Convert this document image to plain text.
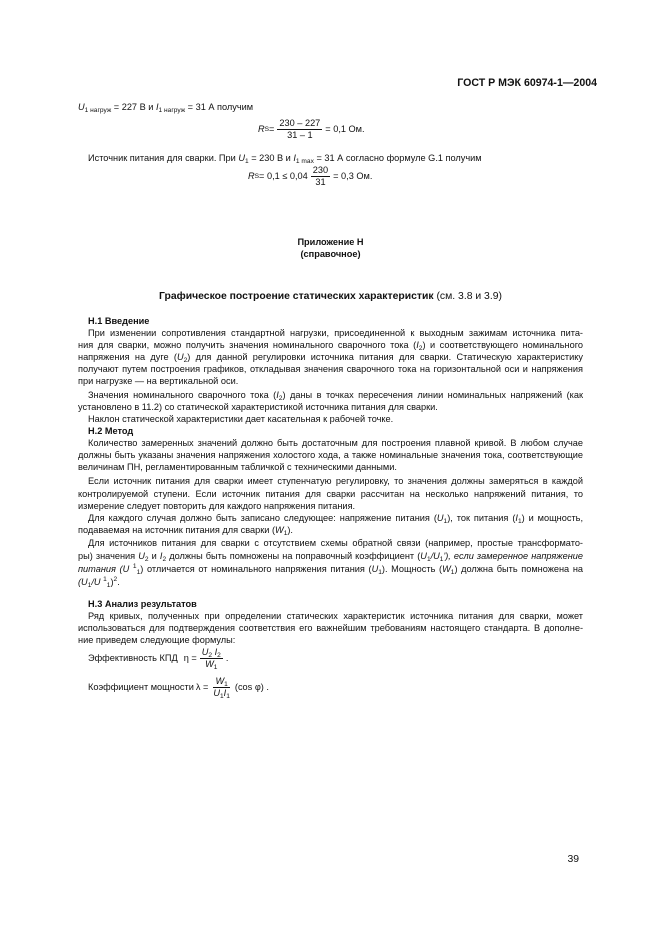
ГОСТ Р МЭК 60974-1—2004
$U_{1 нагруж} = 227$ В и $I_{1 нагруж} = 31$ А получим
R $S = \frac{230 - 227}{31 - 1} = 0,1$ Ом.
Источник питания для сварки. При $U_1 = 230$ В и $I_{1 max} = 31$ А согласно формуле G.1 получим
R $S = 0,1 \le 0,04 \frac{230}{31} = 0,3$ Ом.
Приложение Н
(справочное)
Графическое построение статических характеристик (см. 3.8 и 3.9)
Н.1 Введение
При изменении сопротивления стандартной нагрузки, присоединенной к выходным зажимам источника пита-
ния для сварки, можно получить значения номинального сварочного тока $(I_2)$ и соответствующего номинального
напряжения на дуге $(U_2)$ для данной регулировки источника питания для сварки. Статическую характеристику
получают путем построения графиков, откладывая значения сварочного тока на горизонтальной оси и напряжения
при нагрузке — на вертикальной оси.
Значения номинального сварочного тока $(I_2)$ даны в точках пересечения линии номинальных напряжений (как
установлено в 11.2) со статической характеристикой источника питания для сварки.
Наклон статической характеристики дает касательная к рабочей точке.
Н.2 Метод
Количество замеренных значений должно быть достаточным для построения плавной кривой. В любом случае
должны быть указаны значения напряжения холостого хода, а также номинальные значения тока, соответствующие
величинам ПН, регламентированным табличкой с техническими данными.
Если источник питания для сварки имеет ступенчатую регулировку, то значения должны замеряться в каждой
контролируемой ступени. Если источник питания для сварки рассчитан на несколько напряжений питания, то
измерение следует повторить для каждого напряжения питания.
Для каждого случая должно быть записано следующее: напряжение питания $(U_1)$, ток питания $(I_1)$ и мощность,
подаваемая на источник питания для сварки $(W_1)$.
Для источников питания для сварки с отсутствием схемы обратной связи (например, простые трансформато-
ры) значения $U_2$ и $I_2$ должны быть помножены на поправочный коэффициент $(U_1/U_1')$, если замеренное напряжение
питания (U $^1_1$) отличается от номинального напряжения питания $(U_1)$. Мощность $(W_1)$ должна быть помножена на
($U_1/U$ $^1_1$)$^2$.
Н.3 Анализ результатов
Ряд кривых, полученных при определении статических характеристик источника питания для сварки, может
использоваться для подтверждения соответствия его важнейшим требованиям настоящего стандарта. В дополне-
ние приведем следующие формулы:
Эффективность КПД $\eta = \frac{U_2 I_2}{W_1}$ .
Коэффициент мощности $\lambda = \frac{W_1}{U_1I_1} (\cos$ φ) .
39
